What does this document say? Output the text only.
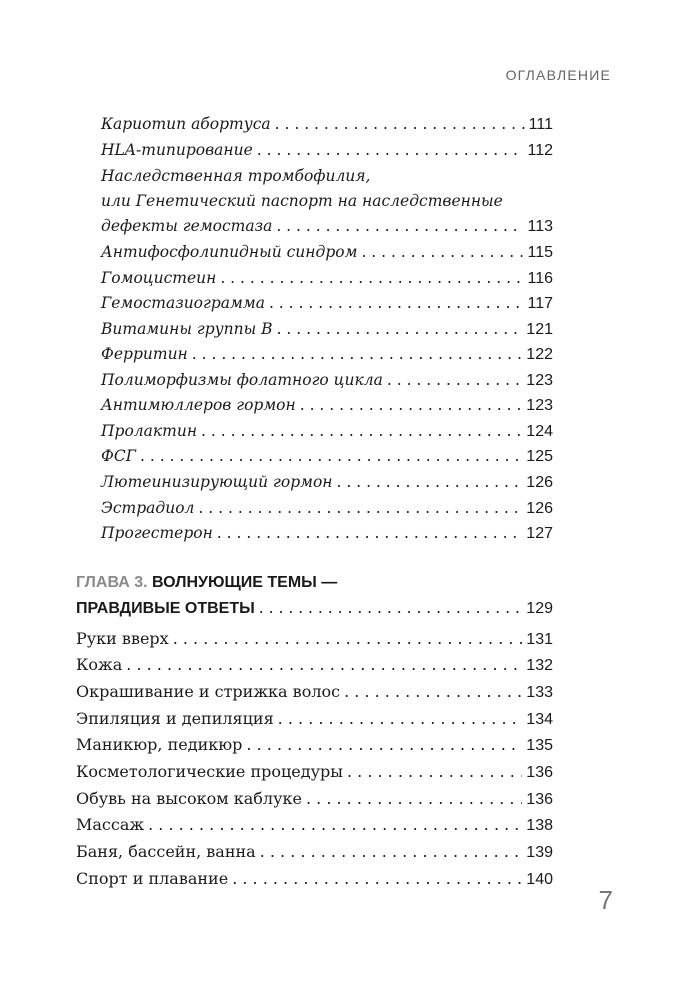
ОГЛАВЛЕНИЕ
Кариотип абортуса . . .	111
HLA-типирование . . .	112
Наследственная тромбофилия,
или Генетический паспорт на наследственные
дефекты гемостаза . . .	113
Антифосфолипидный синдром . . .	115
Гомоцистеин . . .	116
Гемостазиограмма . . .	117
Витамины группы В . . .	121
Ферритин . . .	122
Полиморфизмы фолатного цикла . . .	123
Антимюллеров гормон . . .	123
Пролактин . . .	124
ФСГ . . .	125
Лютеинизирующий гормон . . .	126
Эстрадиол . . .	126
Прогестерон . . .	127
ГЛАВА 3. ВОЛНУЮЩИЕ ТЕМЫ —
ПРАВДИВЫЕ ОТВЕТЫ . . .	129
Руки вверх . . .	131
Кожа . . .	132
Окрашивание и стрижка волос . . .	133
Эпиляция и депиляция . . .	134
Маникюр, педикюр . . .	135
Косметологические процедуры . . .	136
Обувь на высоком каблуке . . .	136
Массаж . . .	138
Баня, бассейн, ванна . . .	139
Спорт и плавание . . .	140
7
